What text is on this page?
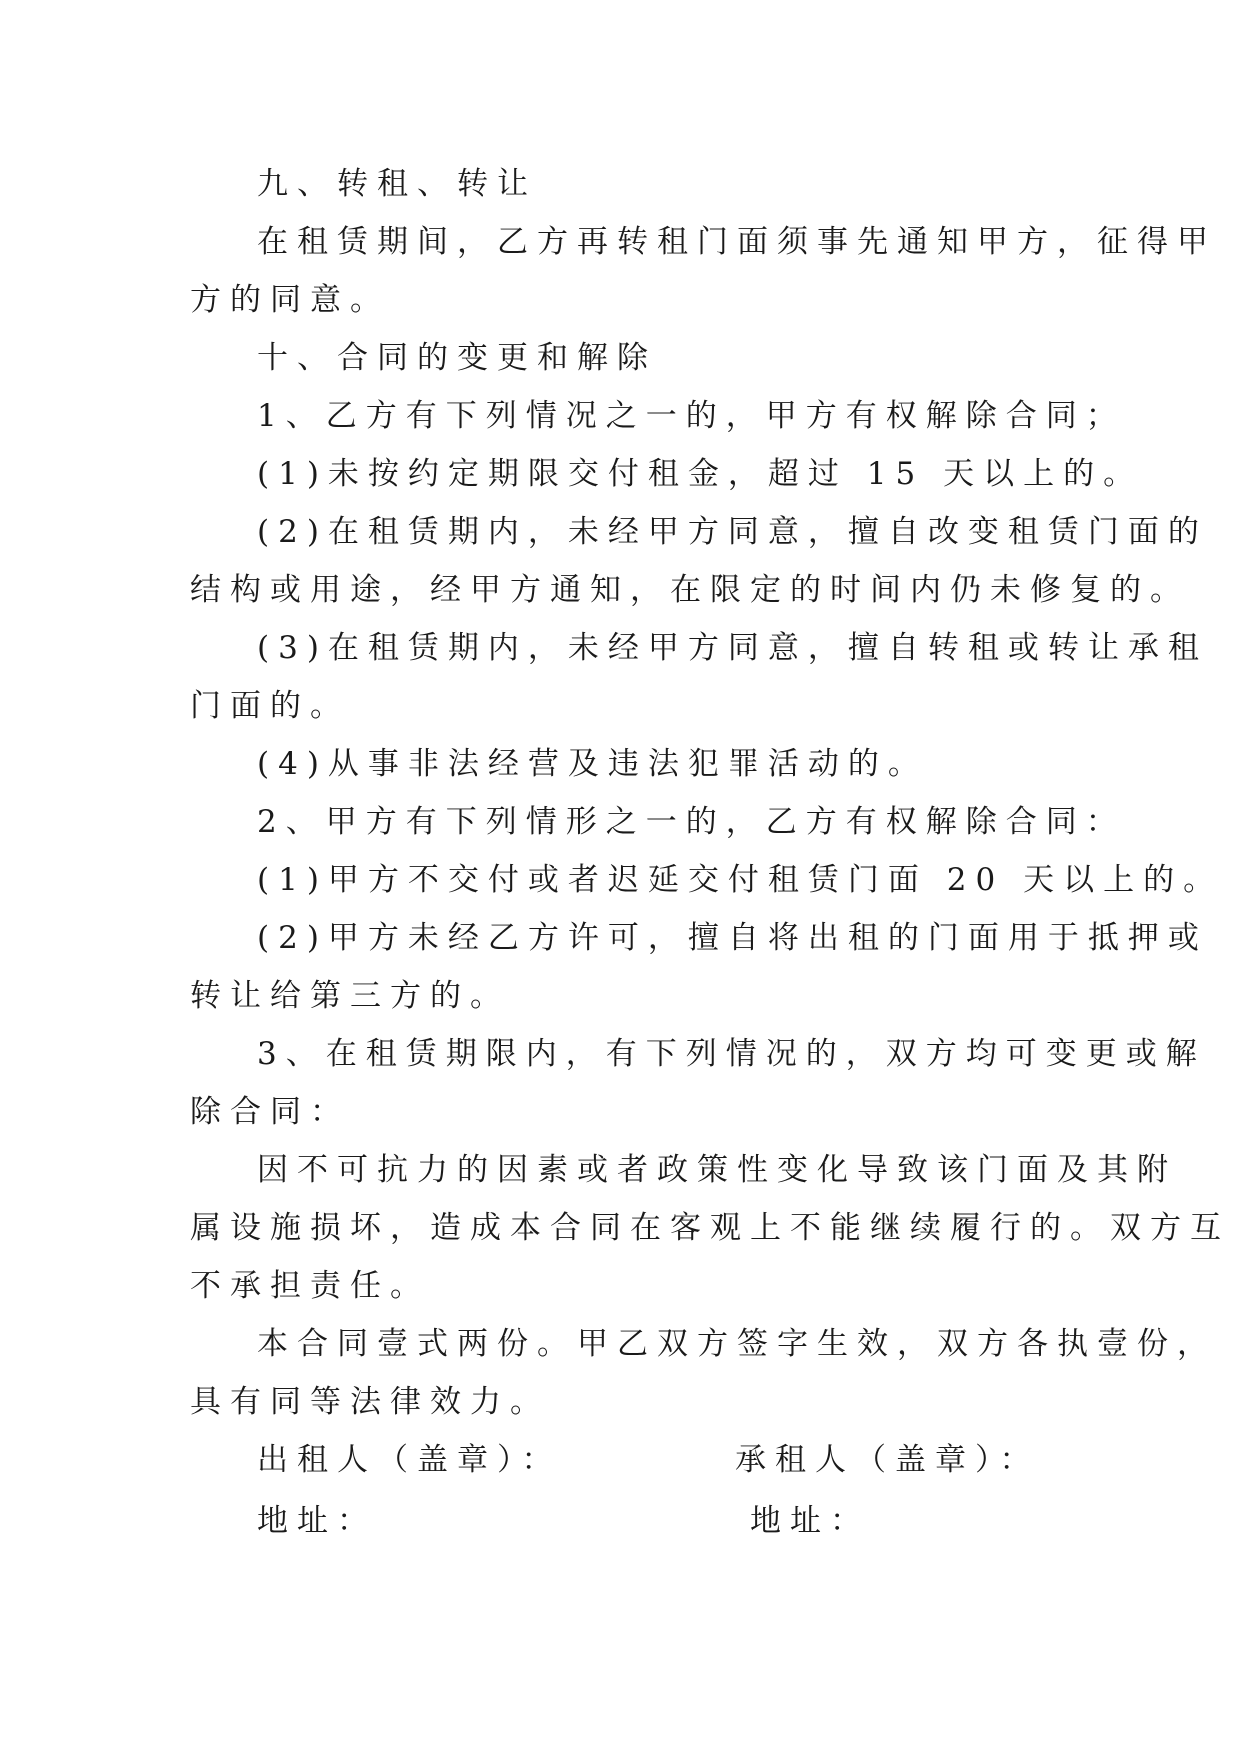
九、转租、转让

在租赁期间，乙方再转租门面须事先通知甲方，征得甲

方的同意。

十、合同的变更和解除

1、乙方有下列情况之一的，甲方有权解除合同；

(1)未按约定期限交付租金，超过 15 天以上的。

(2)在租赁期内，未经甲方同意，擅自改变租赁门面的

结构或用途，经甲方通知，在限定的时间内仍未修复的。

(3)在租赁期内，未经甲方同意，擅自转租或转让承租

门面的。

(4)从事非法经营及违法犯罪活动的。

2、甲方有下列情形之一的，乙方有权解除合同：

(1)甲方不交付或者迟延交付租赁门面 20 天以上的。

(2)甲方未经乙方许可，擅自将出租的门面用于抵押或

转让给第三方的。

3、在租赁期限内，有下列情况的，双方均可变更或解

除合同：

因不可抗力的因素或者政策性变化导致该门面及其附

属设施损坏，造成本合同在客观上不能继续履行的。双方互

不承担责任。

本合同壹式两份。甲乙双方签字生效，双方各执壹份，

具有同等法律效力。

出租人（盖章）：	承租人（盖章）：

地址：	地址：
